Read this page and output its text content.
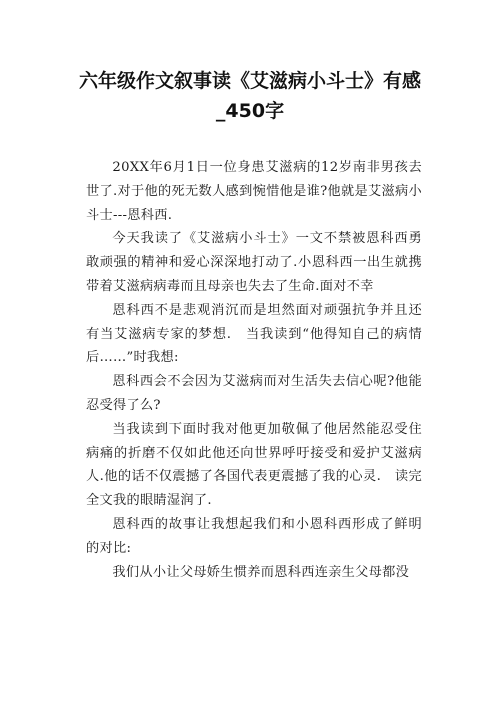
六年级作文叙事读《艾滋病小斗士》有感_450字

20XX年6月1日一位身患艾滋病的12岁南非男孩去世了.对于他的死无数人感到惋惜他是谁?他就是艾滋病小斗士---恩科西.

今天我读了《艾滋病小斗士》一文不禁被恩科西勇敢顽强的精神和爱心深深地打动了.小恩科西一出生就携带着艾滋病病毒而且母亲也失去了生命.面对不幸

恩科西不是悲观消沉而是坦然面对顽强抗争并且还有当艾滋病专家的梦想.　当我读到“他得知自己的病情后……”时我想:

恩科西会不会因为艾滋病而对生活失去信心呢?他能忍受得了么?

当我读到下面时我对他更加敬佩了他居然能忍受住病痛的折磨不仅如此他还向世界呼吁接受和爱护艾滋病人.他的话不仅震撼了各国代表更震撼了我的心灵.　读完全文我的眼睛湿润了.

恩科西的故事让我想起我们和小恩科西形成了鲜明的对比:

我们从小让父母娇生惯养而恩科西连亲生父母都没
